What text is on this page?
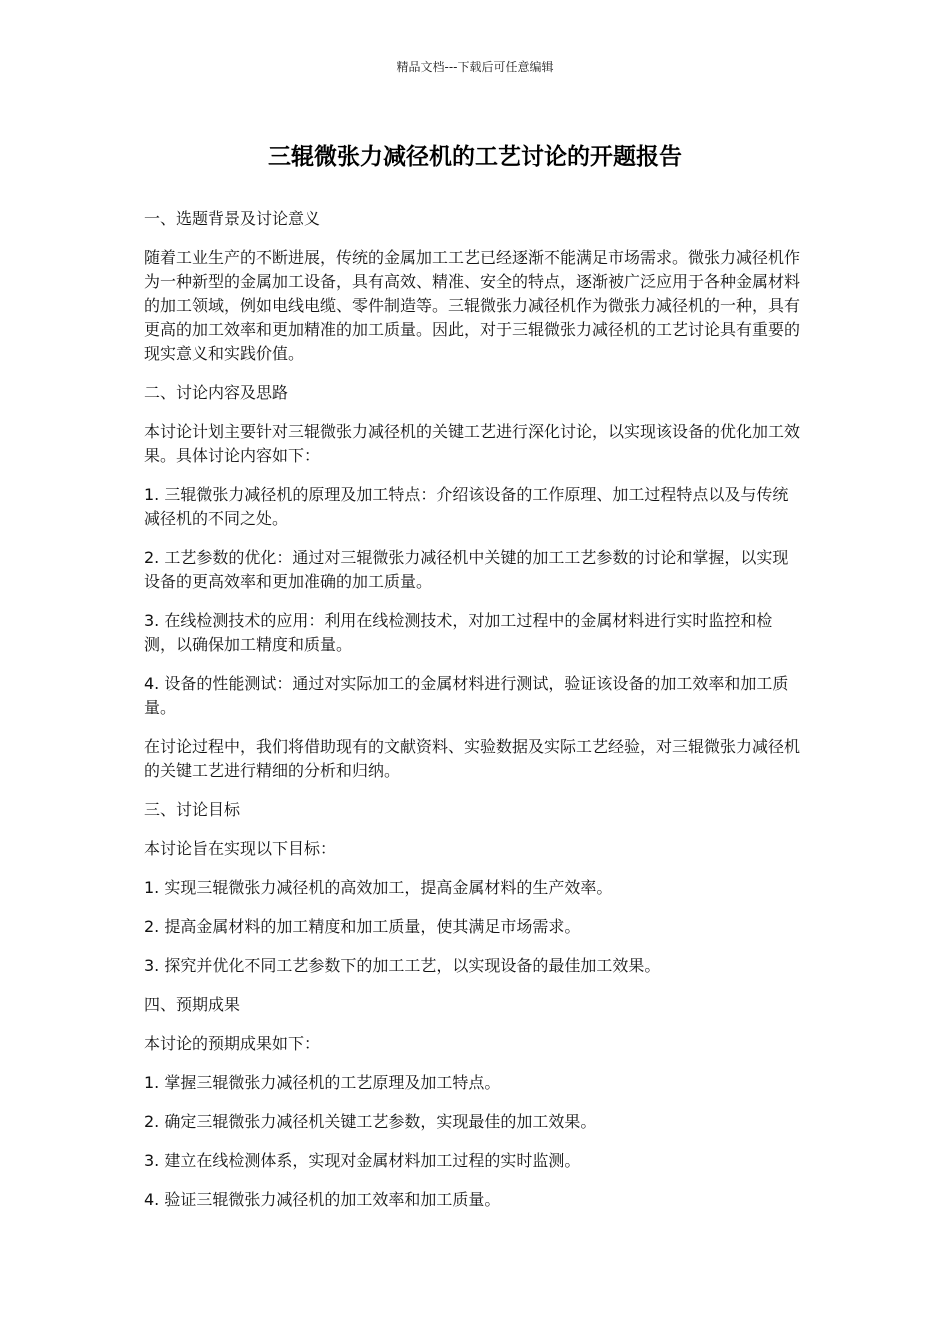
精品文档---下载后可任意编辑
三辊微张力减径机的工艺讨论的开题报告

一、选题背景及讨论意义

随着工业生产的不断进展，传统的金属加工工艺已经逐渐不能满足市场需求。微张力减径机作为一种新型的金属加工设备，具有高效、精准、安全的特点，逐渐被广泛应用于各种金属材料的加工领域，例如电线电缆、零件制造等。三辊微张力减径机作为微张力减径机的一种，具有更高的加工效率和更加精准的加工质量。因此，对于三辊微张力减径机的工艺讨论具有重要的现实意义和实践价值。

二、讨论内容及思路

本讨论计划主要针对三辊微张力减径机的关键工艺进行深化讨论，以实现该设备的优化加工效果。具体讨论内容如下：

1. 三辊微张力减径机的原理及加工特点：介绍该设备的工作原理、加工过程特点以及与传统减径机的不同之处。

2. 工艺参数的优化：通过对三辊微张力减径机中关键的加工工艺参数的讨论和掌握，以实现设备的更高效率和更加准确的加工质量。

3. 在线检测技术的应用：利用在线检测技术，对加工过程中的金属材料进行实时监控和检测，以确保加工精度和质量。

4. 设备的性能测试：通过对实际加工的金属材料进行测试，验证该设备的加工效率和加工质量。

在讨论过程中，我们将借助现有的文献资料、实验数据及实际工艺经验，对三辊微张力减径机的关键工艺进行精细的分析和归纳。

三、讨论目标

本讨论旨在实现以下目标：

1. 实现三辊微张力减径机的高效加工，提高金属材料的生产效率。

2. 提高金属材料的加工精度和加工质量，使其满足市场需求。

3. 探究并优化不同工艺参数下的加工工艺，以实现设备的最佳加工效果。

四、预期成果

本讨论的预期成果如下：

1. 掌握三辊微张力减径机的工艺原理及加工特点。

2. 确定三辊微张力减径机关键工艺参数，实现最佳的加工效果。

3. 建立在线检测体系，实现对金属材料加工过程的实时监测。

4. 验证三辊微张力减径机的加工效率和加工质量。
